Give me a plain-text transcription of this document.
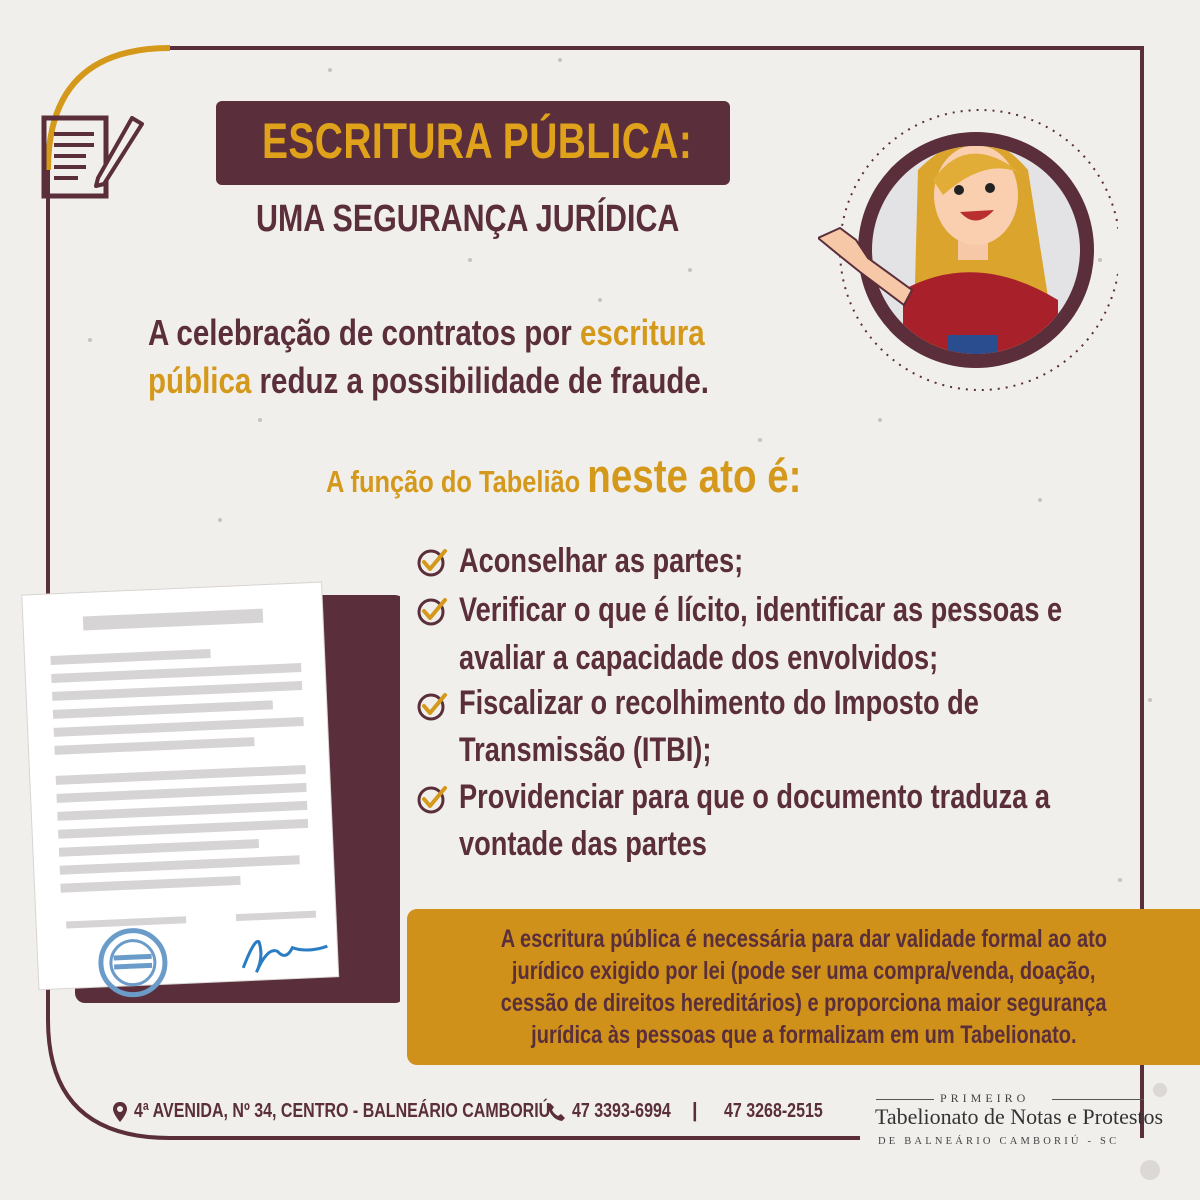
ESCRITURA PÚBLICA:
UMA SEGURANÇA JURÍDICA
A celebração de contratos por escritura
pública reduz a possibilidade de fraude.
A função do Tabelião neste ato é:
Aconselhar as partes;
Verificar o que é lícito, identificar as pessoas e
avaliar a capacidade dos envolvidos;
Fiscalizar o recolhimento do Imposto de
Transmissão (ITBI);
Providenciar para que o documento traduza a
vontade das partes
A escritura pública é necessária para dar validade formal ao ato
jurídico exigido por lei (pode ser uma compra/venda, doação,
cessão de direitos hereditários) e proporciona maior segurança
jurídica às pessoas que a formalizam em um Tabelionato.
4ª AVENIDA, Nº 34, CENTRO - BALNEÁRIO CAMBORIÚ 47 3393-6994 | 47 3268-2515
PRIMEIRO
Tabelionato de Notas e Protestos
DE BALNEÁRIO CAMBORIÚ - SC
